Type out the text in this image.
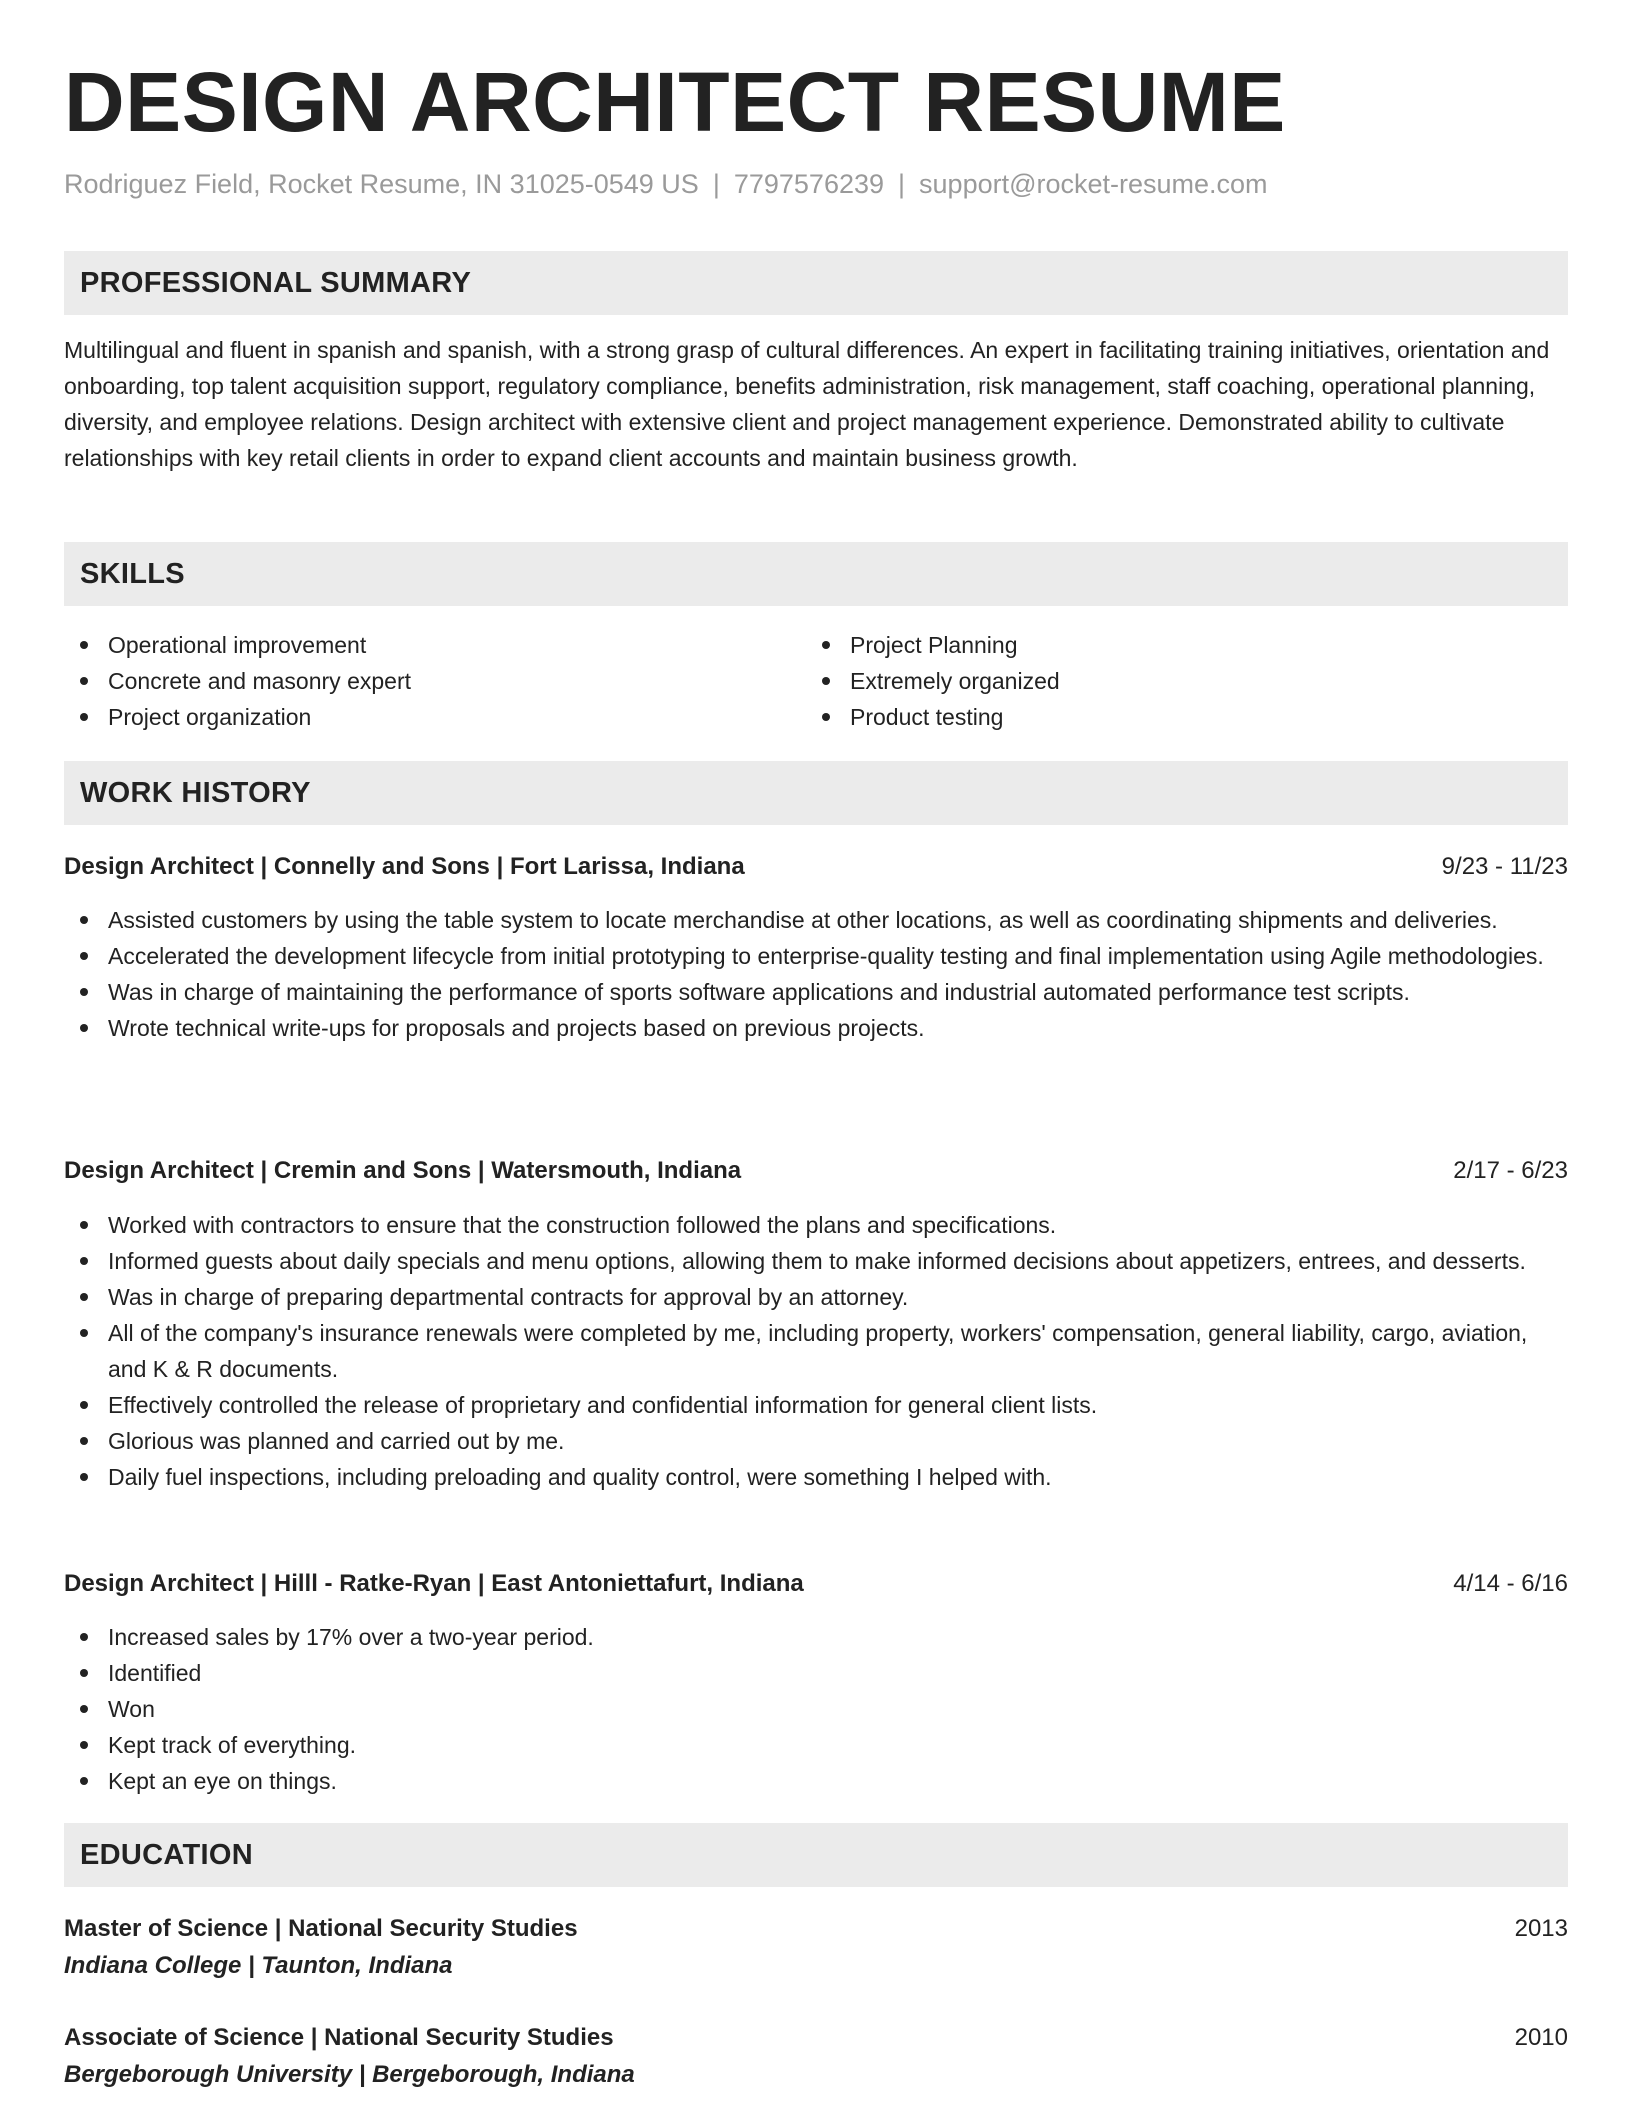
DESIGN ARCHITECT RESUME
Rodriguez Field, Rocket Resume, IN 31025-0549 US | 7797576239 | support@rocket-resume.com
PROFESSIONAL SUMMARY

Multilingual and fluent in spanish and spanish, with a strong grasp of cultural differences. An expert in facilitating training initiatives, orientation and onboarding, top talent acquisition support, regulatory compliance, benefits administration, risk management, staff coaching, operational planning, diversity, and employee relations. Design architect with extensive client and project management experience. Demonstrated ability to cultivate relationships with key retail clients in order to expand client accounts and maintain business growth.

SKILLS
Operational improvement
Concrete and masonry expert
Project organization
Project Planning
Extremely organized
Product testing
WORK HISTORY
Design Architect | Connelly and Sons | Fort Larissa, Indiana	9/23 - 11/23
Assisted customers by using the table system to locate merchandise at other locations, as well as coordinating shipments and deliveries.
Accelerated the development lifecycle from initial prototyping to enterprise-quality testing and final implementation using Agile methodologies.
Was in charge of maintaining the performance of sports software applications and industrial automated performance test scripts.
Wrote technical write-ups for proposals and projects based on previous projects.
Design Architect | Cremin and Sons | Watersmouth, Indiana	2/17 - 6/23
Worked with contractors to ensure that the construction followed the plans and specifications.
Informed guests about daily specials and menu options, allowing them to make informed decisions about appetizers, entrees, and desserts.
Was in charge of preparing departmental contracts for approval by an attorney.
All of the company's insurance renewals were completed by me, including property, workers' compensation, general liability, cargo, aviation, and K & R documents.
Effectively controlled the release of proprietary and confidential information for general client lists.
Glorious was planned and carried out by me.
Daily fuel inspections, including preloading and quality control, were something I helped with.
Design Architect | Hilll - Ratke-Ryan | East Antoniettafurt, Indiana	4/14 - 6/16
Increased sales by 17% over a two-year period.
Identified
Won
Kept track of everything.
Kept an eye on things.
EDUCATION
Master of Science | National Security Studies	2013
Indiana College | Taunton, Indiana
Associate of Science | National Security Studies	2010
Bergeborough University | Bergeborough, Indiana
